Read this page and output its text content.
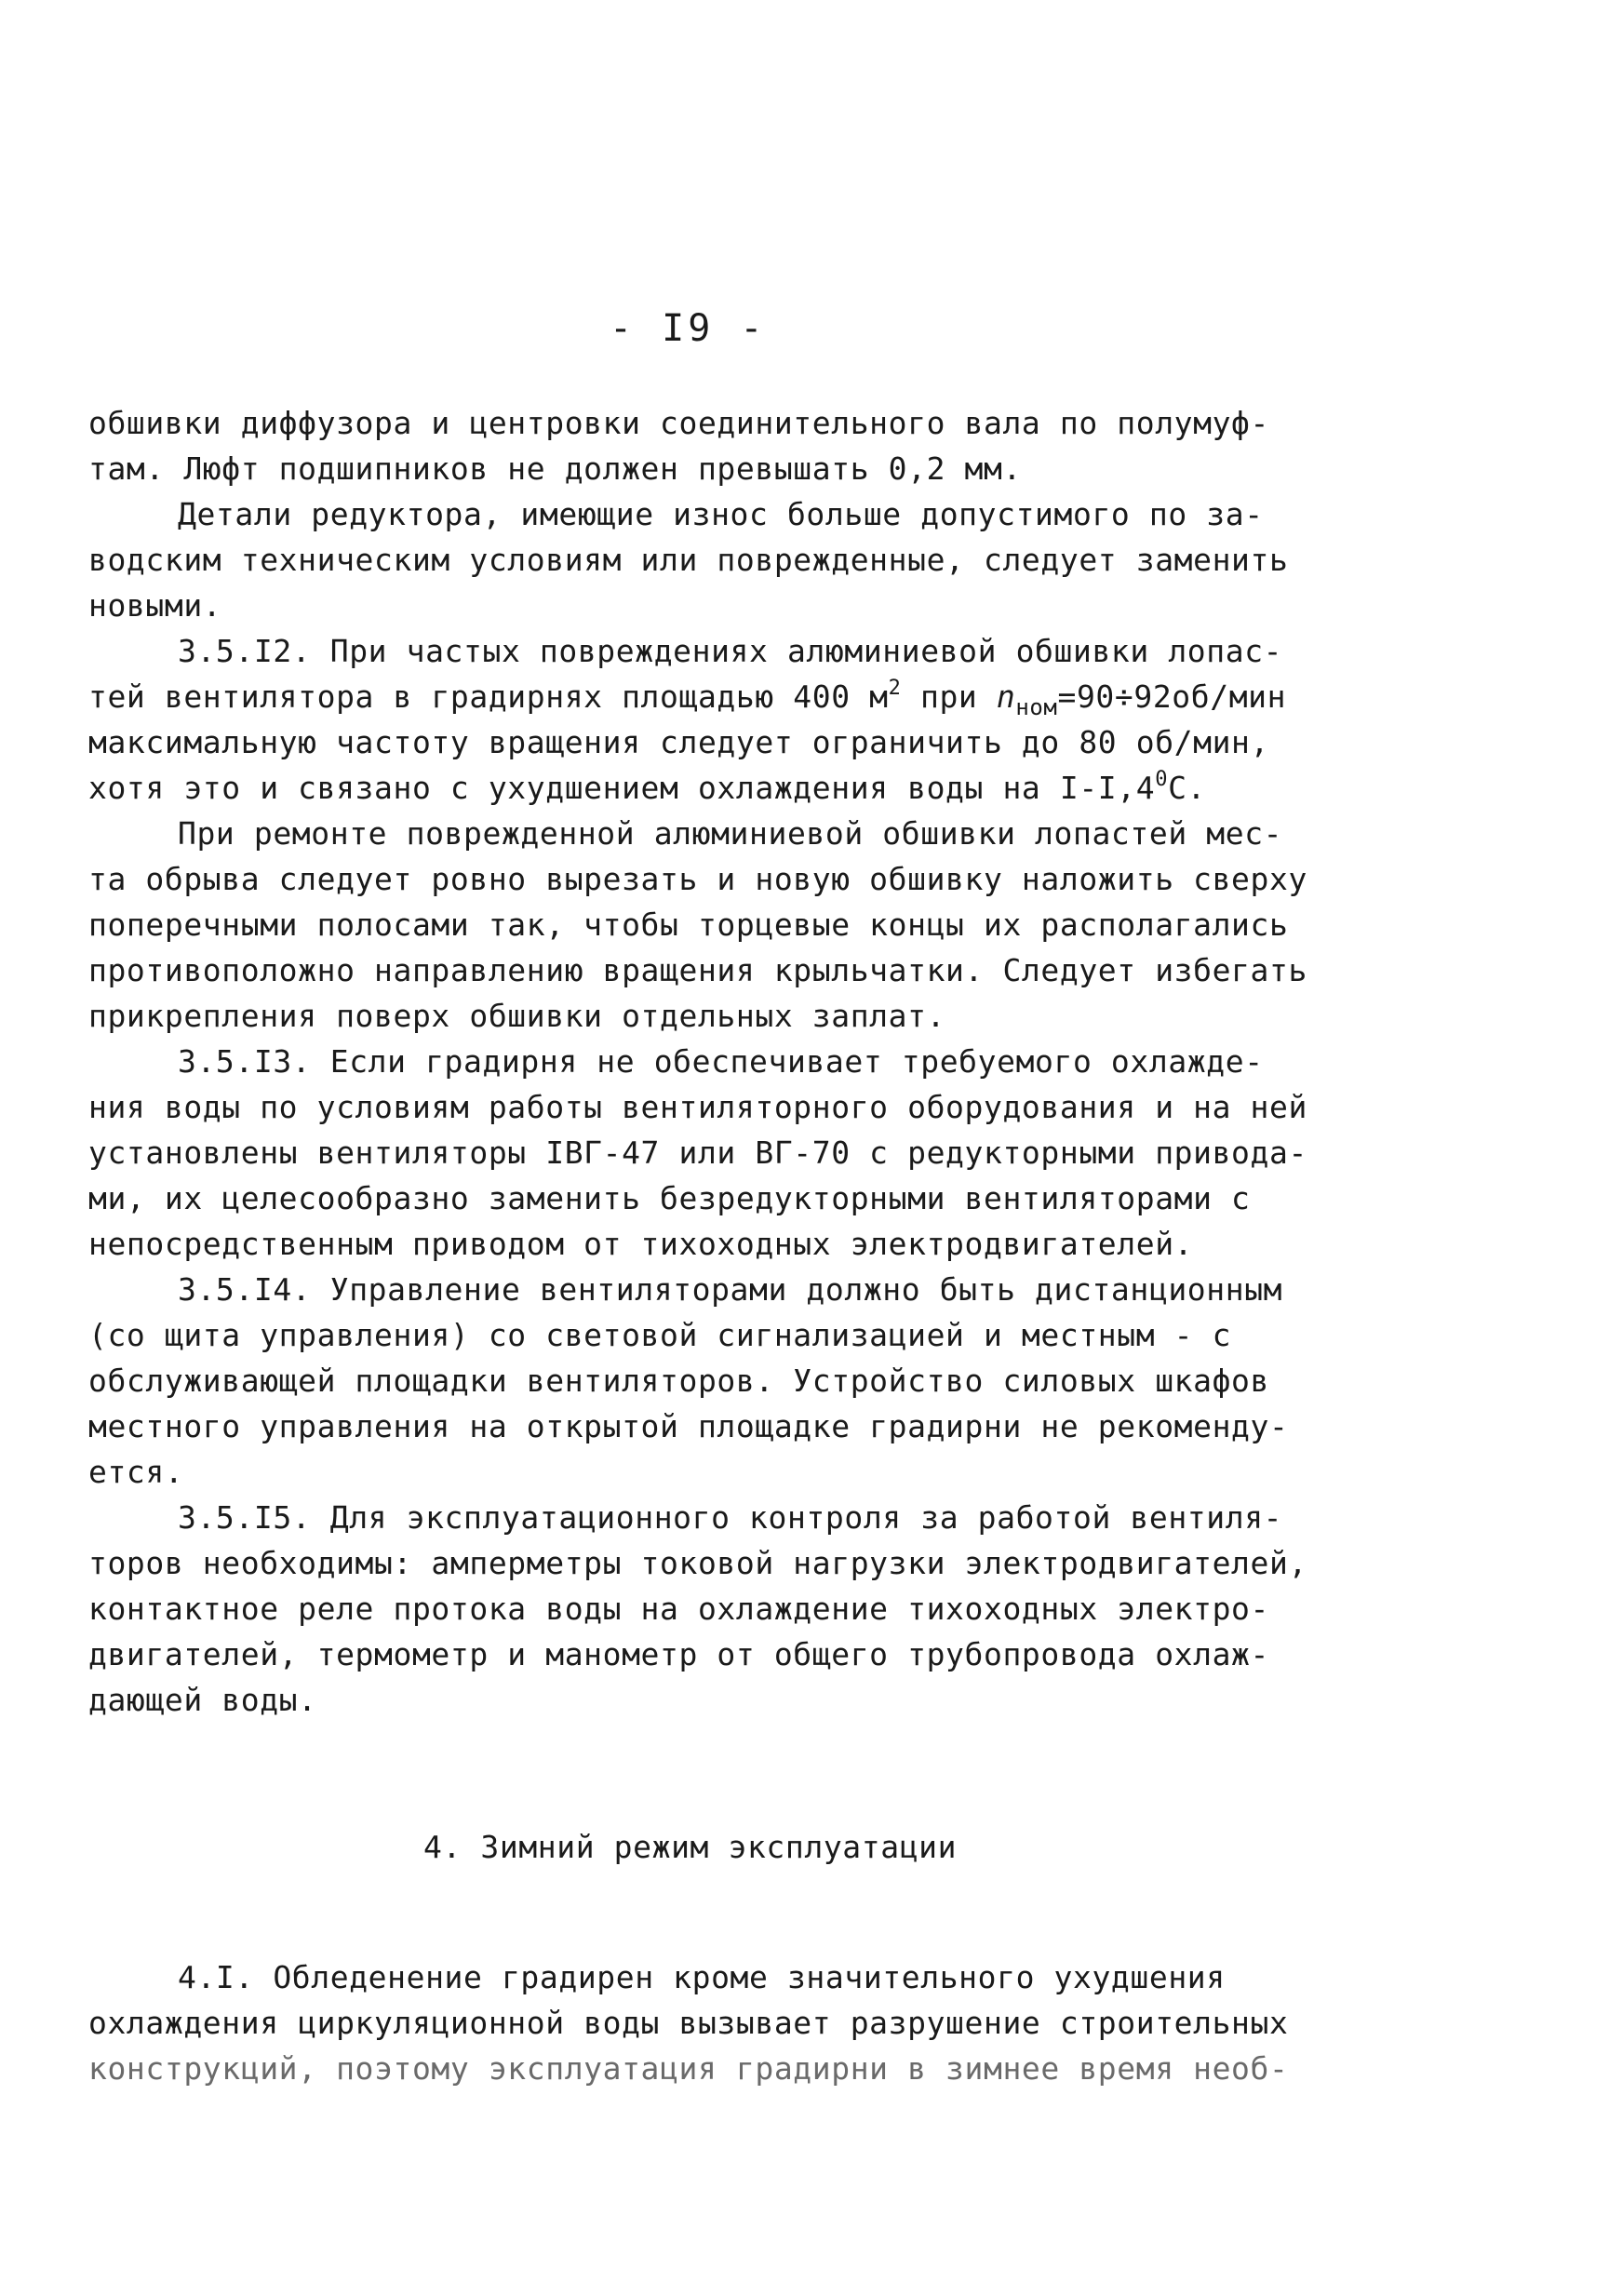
- I9 -
обшивки диффузора и центровки соединительного вала по полумуф-
там. Люфт подшипников не должен превышать 0,2 мм.
Детали редуктора, имеющие износ больше допустимого по за-
водским техническим условиям или поврежденные, следует заменить
новыми.
3.5.I2. При частых повреждениях алюминиевой обшивки лопас-
тей вентилятора в градирнях площадью 400 $м^2$ при $n_{ном}=90\div 92об$/мин
максимальную частоту вращения следует ограничить до 80 об/мин,
хотя это и связано с ухудшением охлаждения воды на $I-I,4^0С$.
При ремонте поврежденной алюминиевой обшивки лопастей мес-
та обрыва следует ровно вырезать и новую обшивку наложить сверху
поперечными полосами так, чтобы торцевые концы их располагались
противоположно направлению вращения крыльчатки. Следует избегать
прикрепления поверх обшивки отдельных заплат.
3.5.I3. Если градирня не обеспечивает требуемого охлажде-
ния воды по условиям работы вентиляторного оборудования и на ней
установлены вентиляторы IВГ-47 или ВГ-70 с редукторными привода-
ми, их целесообразно заменить безредукторными вентиляторами с
непосредственным приводом от тихоходных электродвигателей.
3.5.I4. Управление вентиляторами должно быть дистанционным
(со щита управления) со световой сигнализацией и местным - с
обслуживающей площадки вентиляторов. Устройство силовых шкафов
местного управления на открытой площадке градирни не рекоменду-
ется.
3.5.I5. Для эксплуатационного контроля за работой вентиля-
торов необходимы: амперметры токовой нагрузки электродвигателей,
контактное реле протока воды на охлаждение тихоходных электро-
двигателей, термометр и манометр от общего трубопровода охлаж-
дающей воды.
4. Зимний режим эксплуатации
4.I. Обледенение градирен кроме значительного ухудшения
охлаждения циркуляционной воды вызывает разрушение строительных
конструкций, поэтому эксплуатация градирни в зимнее время необ-
